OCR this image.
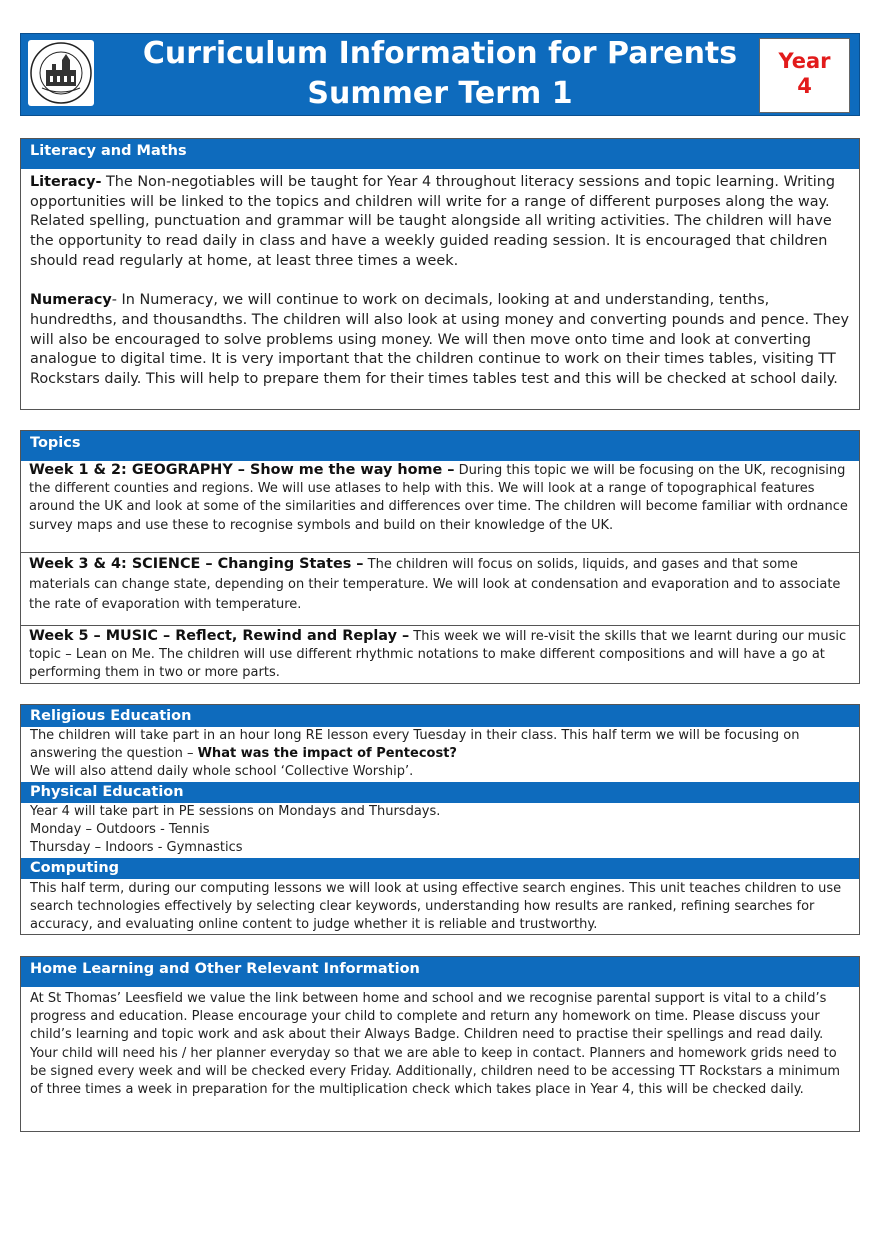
Curriculum Information for Parents
Summer Term 1
Year
4
Literacy and Maths

Literacy- The Non-negotiables will be taught for Year 4 throughout literacy sessions and topic learning. Writing opportunities will be linked to the topics and children will write for a range of different purposes along the way. Related spelling, punctuation and grammar will be taught alongside all writing activities. The children will have the opportunity to read daily in class and have a weekly guided reading session. It is encouraged that children should read regularly at home, at least three times a week.

Numeracy- In Numeracy, we will continue to work on decimals, looking at and understanding, tenths, hundredths, and thousandths. The children will also look at using money and converting pounds and pence. They will also be encouraged to solve problems using money. We will then move onto time and look at converting analogue to digital time. It is very important that the children continue to work on their times tables, visiting TT Rockstars daily. This will help to prepare them for their times tables test and this will be checked at school daily.

Topics
Week 1 & 2: GEOGRAPHY – Show me the way home – During this topic we will be focusing on the UK, recognising the different counties and regions. We will use atlases to help with this. We will look at a range of topographical features around the UK and look at some of the similarities and differences over time. The children will become familiar with ordnance survey maps and use these to recognise symbols and build on their knowledge of the UK.
Week 3 & 4: SCIENCE – Changing States – The children will focus on solids, liquids, and gases and that some materials can change state, depending on their temperature. We will look at condensation and evaporation and to associate the rate of evaporation with temperature.
Week 5 – MUSIC – Reflect, Rewind and Replay – This week we will re-visit the skills that we learnt during our music topic – Lean on Me. The children will use different rhythmic notations to make different compositions and will have a go at performing them in two or more parts.
Religious Education

The children will take part in an hour long RE lesson every Tuesday in their class. This half term we will be focusing on answering the question – What was the impact of Pentecost?

We will also attend daily whole school ‘Collective Worship’.

Physical Education

Year 4 will take part in PE sessions on Mondays and Thursdays.

Monday – Outdoors - Tennis

Thursday – Indoors - Gymnastics

Computing

This half term, during our computing lessons we will look at using effective search engines. This unit teaches children to use search technologies effectively by selecting clear keywords, understanding how results are ranked, refining searches for accuracy, and evaluating online content to judge whether it is reliable and trustworthy.

Home Learning and Other Relevant Information

At St Thomas’ Leesfield we value the link between home and school and we recognise parental support is vital to a child’s progress and education. Please encourage your child to complete and return any homework on time. Please discuss your child’s learning and topic work and ask about their Always Badge. Children need to practise their spellings and read daily. Your child will need his / her planner everyday so that we are able to keep in contact. Planners and homework grids need to be signed every week and will be checked every Friday. Additionally, children need to be accessing TT Rockstars a minimum of three times a week in preparation for the multiplication check which takes place in Year 4, this will be checked daily.
